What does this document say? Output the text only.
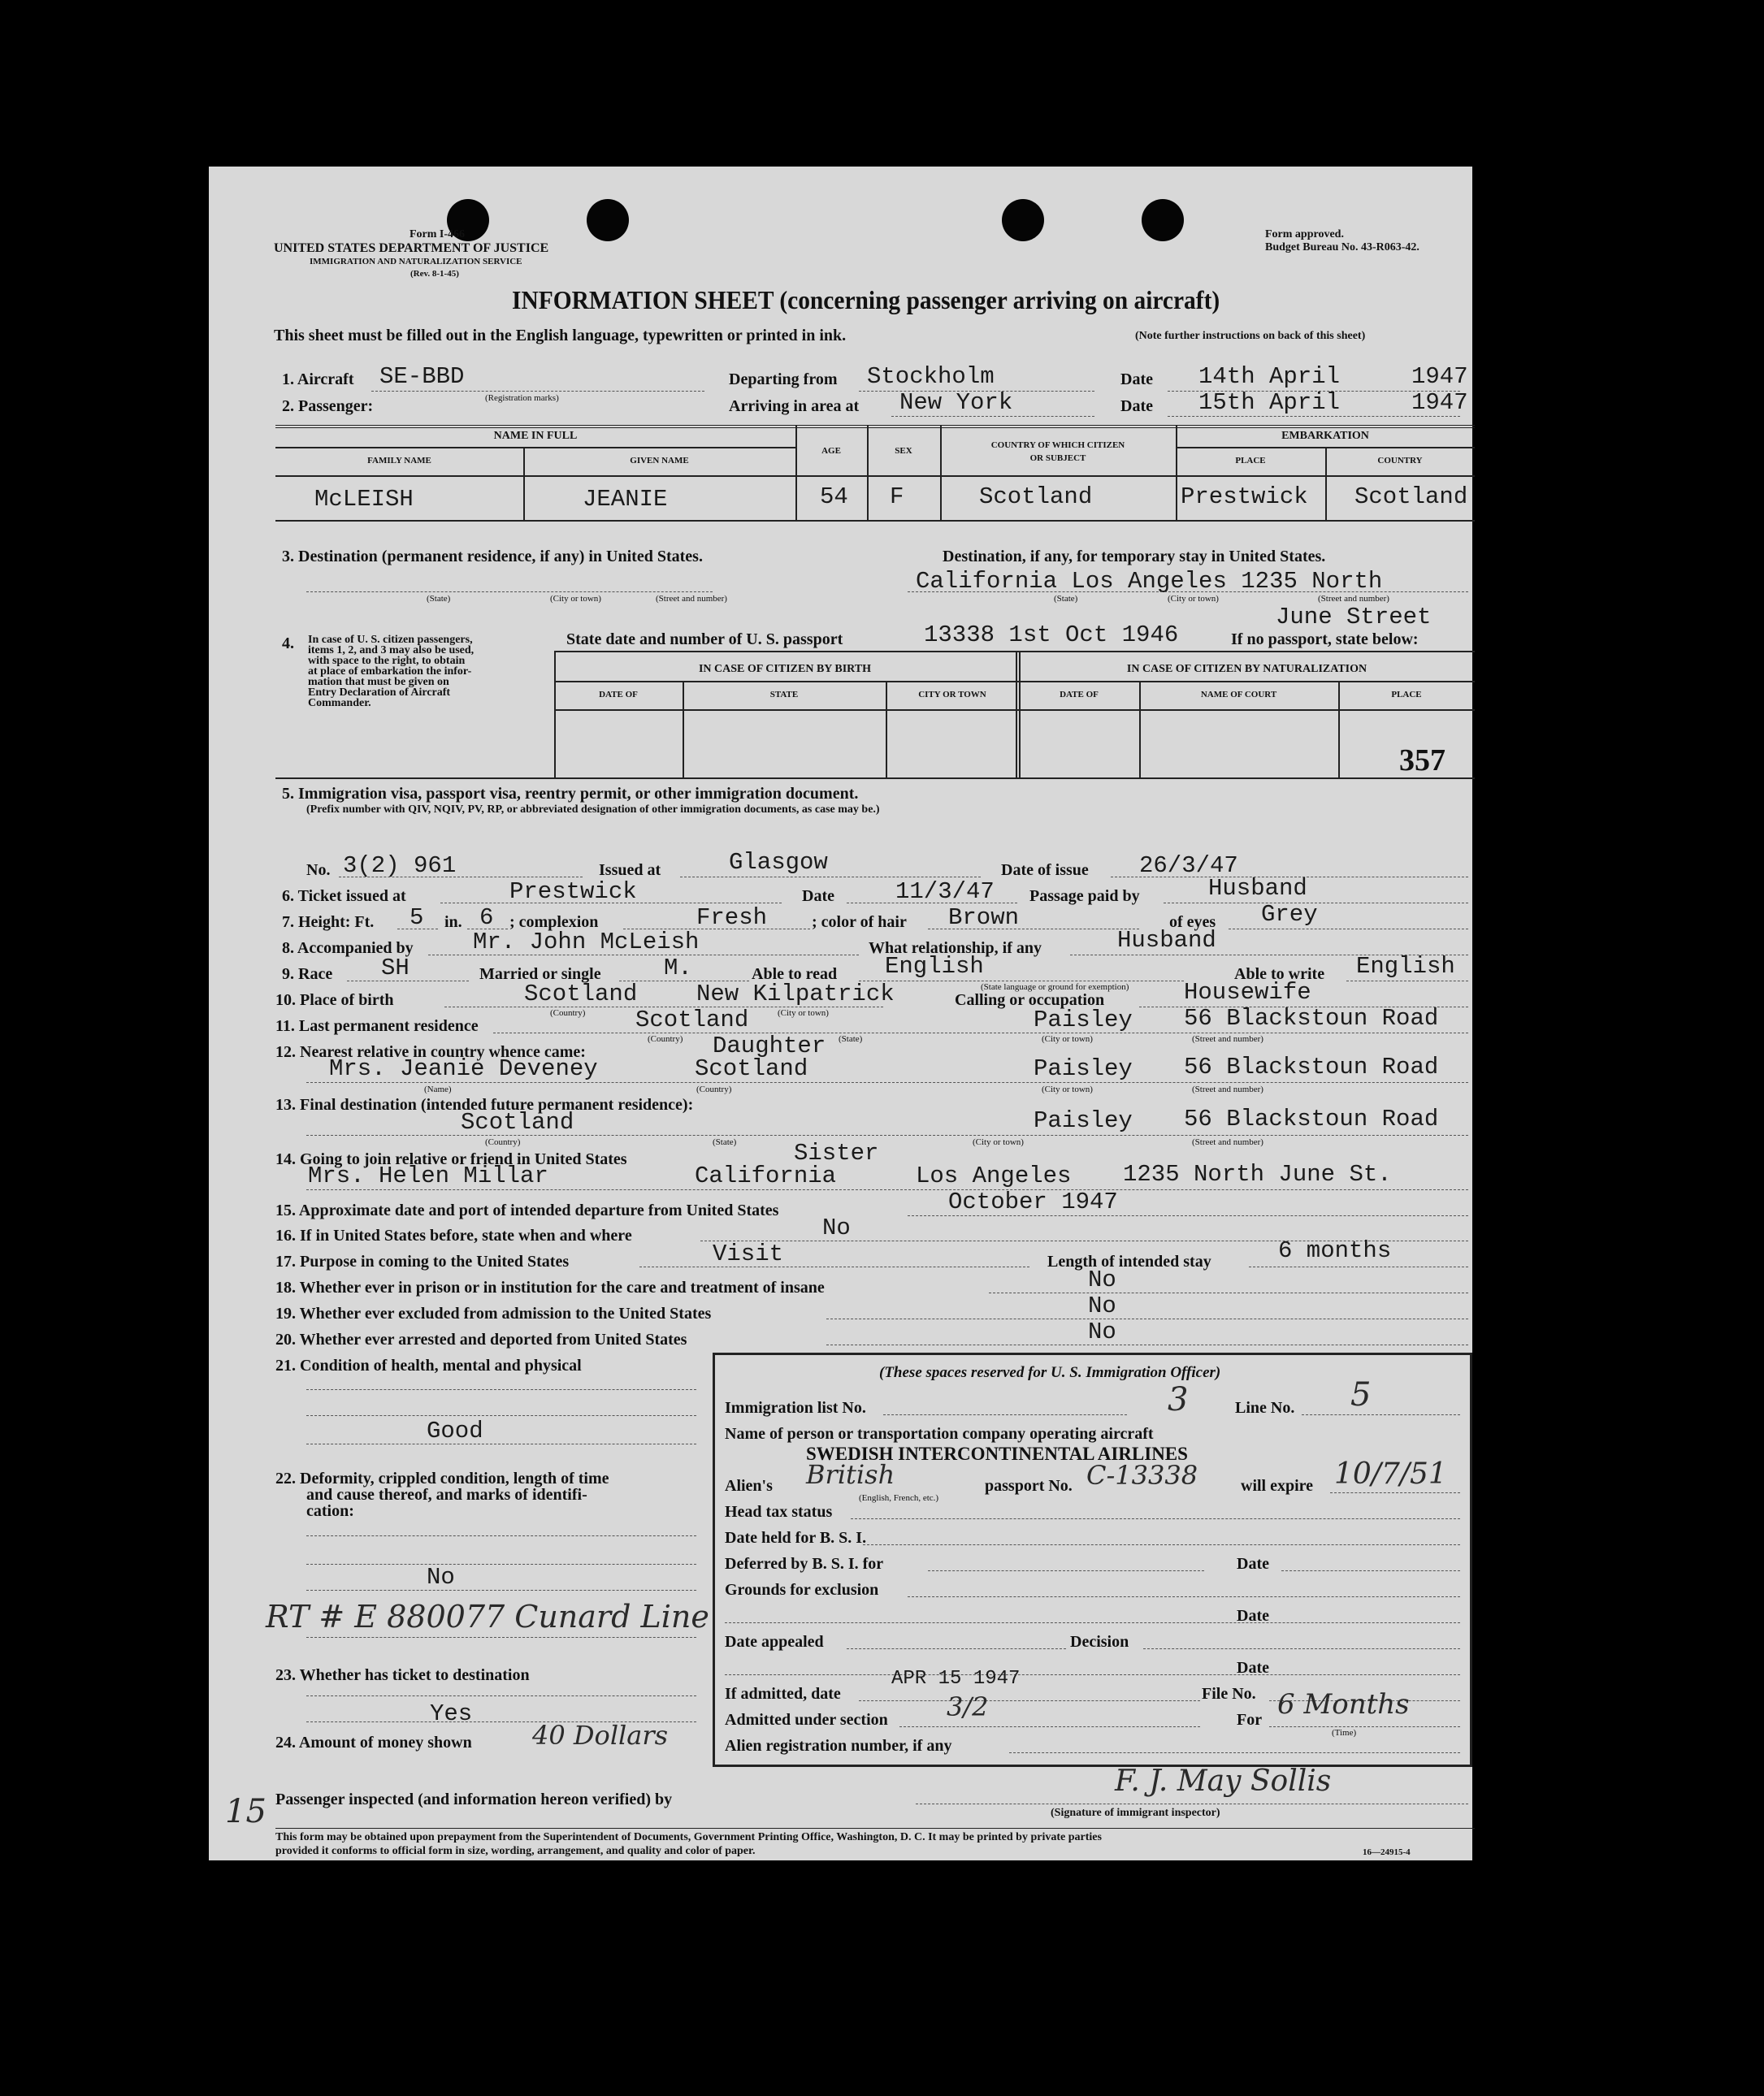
Form I-466
UNITED STATES DEPARTMENT OF JUSTICE
IMMIGRATION AND NATURALIZATION SERVICE
(Rev. 8-1-45)
Form approved.
Budget Bureau No. 43-R063-42.
INFORMATION SHEET (concerning passenger arriving on aircraft)
This sheet must be filled out in the English language, typewritten or printed in ink.	(Note further instructions on back of this sheet)
1. Aircraft SE-BBD
(Registration marks)
2. Passenger:
Departing from Stockholm
Arriving in area at New York
Date 14th April	1947
Date 15th April	1947
NAME IN FULL
FAMILY NAME	GIVEN NAME
AGE	SEX
COUNTRY OF WHICH CITIZEN
OR SUBJECT
EMBARKATION
PLACE	COUNTRY
McLEISH	JEANIE	54 F	Scotland	Prestwick Scotland
3. Destination (permanent residence, if any) in United States.	Destination, if any, for temporary stay in United States.
(State)	(City or town)	(Street and number)
California Los Angeles 1235 North
(State)	(City or town)	(Street and number)
June Street
4. In case of U. S. citizen passengers,
items 1, 2, and 3 may also be used,
with space to the right, to obtain
at place of embarkation the infor-
mation that must be given on
Entry Declaration of Aircraft
Commander.
State date and number of U. S. passport	13338 1st Oct 1946	If no passport, state below:
IN CASE OF CITIZEN BY BIRTH	IN CASE OF CITIZEN BY NATURALIZATION
DATE OF	STATE	CITY OR TOWN	DATE OF	NAME OF COURT	PLACE
357
5. Immigration visa, passport visa, reentry permit, or other immigration document.
(Prefix number with QIV, NQIV, PV, RP, or abbreviated designation of other immigration documents, as case may be.)
No. 3(2) 961	Issued at	Glasgow	Date of issue 26/3/47
6. Ticket issued at	Prestwick	Date	11/3/47 Passage paid by	Husband
7. Height: Ft. 5 in. 6 ; complexion	Fresh	; color of hair Brown	of eyes Grey
8. Accompanied by	Mr. John McLeish	What relationship, if any	Husband
9. Race SH	Married or single	M.	Able to read English
(State language or ground for exemption)
Able to write English
10. Place of birth	Scotland	New Kilpatrick
(Country)	(City or town)
Calling or occupation	Housewife
11. Last permanent residence	Scotland	Paisley 56 Blackstoun Road
(Country)	(State)	(City or town)	(Street and number)
12. Nearest relative in country whence came:	Daughter
Mrs. Jeanie Deveney	Scotland	Paisley 56 Blackstoun Road
(Name)	(Country)	(City or town)	(Street and number)
13. Final destination (intended future permanent residence):
Scotland	Paisley 56 Blackstoun Road
(Country)	(State)	(City or town)	(Street and number)
14. Going to join relative or friend in United States	Sister
Mrs. Helen Millar	California	Los Angeles 1235 North June St.
15. Approximate date and port of intended departure from United States	October 1947
16. If in United States before, state when and where	No
17. Purpose in coming to the United States	Visit	Length of intended stay	6 months
18. Whether ever in prison or in institution for the care and treatment of insane	No
19. Whether ever excluded from admission to the United States	No
20. Whether ever arrested and deported from United States	No
21. Condition of health, mental and physical
Good
22. Deformity, crippled condition, length of time
and cause thereof, and marks of identifi-
cation:
No
RT # E 880077 Cunard Line
23. Whether has ticket to destination
Yes
24. Amount of money shown 40 Dollars
(These spaces reserved for U. S. Immigration Officer)
Immigration list No.	3	Line No. 5
Name of person or transportation company operating aircraft
SWEDISH INTERCONTINENTAL AIRLINES
Alien's British
(English, French, etc.)
passport No. C-13338	will expire 10/7/51
Head tax status
Date held for B. S. I.
Deferred by B. S. I. for	Date
Grounds for exclusion
Date
Date appealed	Decision
Date
If admitted, date
APR 15 1947
File No.
Admitted under section 3/2	For 6 Months
(Time)
Alien registration number, if any
Passenger inspected (and information hereon verified) by
F. J. May Sollis
(Signature of immigrant inspector)
15
This form may be obtained upon prepayment from the Superintendent of Documents, Government Printing Office, Washington, D. C. It may be printed by private parties
provided it conforms to official form in size, wording, arrangement, and quality and color of paper.	16—24915-4
